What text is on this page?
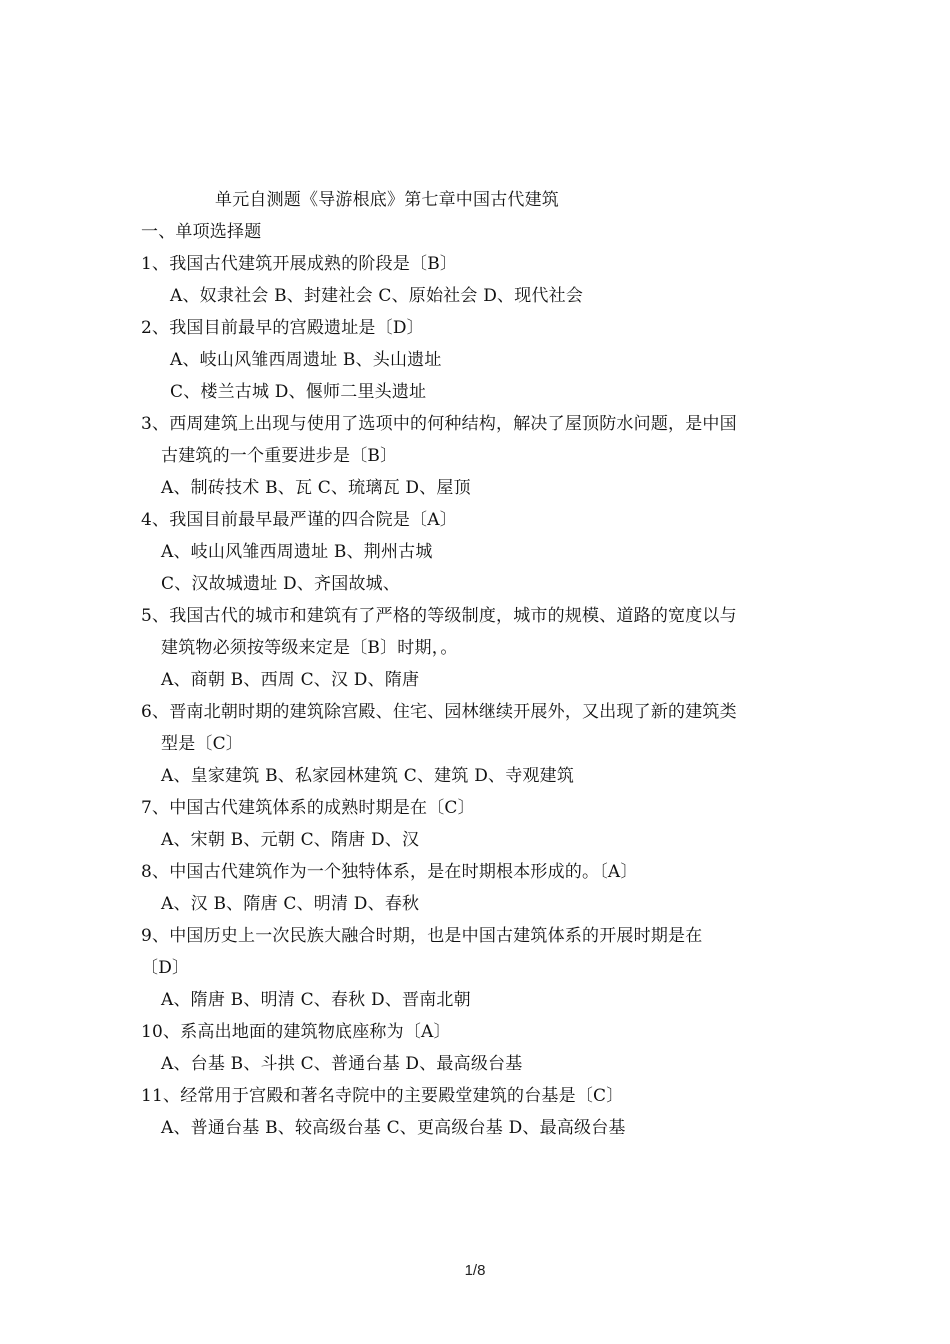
单元自测题《导游根底》第七章中国古代建筑
一、单项选择题
1、我国古代建筑开展成熟的阶段是〔B〕
A、奴隶社会 B、封建社会 C、原始社会 D、现代社会
2、我国目前最早的宫殿遗址是〔D〕
A、岐山风雏西周遗址 B、头山遗址
C、楼兰古城 D、偃师二里头遗址
3、西周建筑上出现与使用了选项中的何种结构，解决了屋顶防水问题，是中国
古建筑的一个重要进步是〔B〕
A、制砖技术 B、瓦 C、琉璃瓦 D、屋顶
4、我国目前最早最严谨的四合院是〔A〕
A、岐山风雏西周遗址 B、荆州古城
C、汉故城遗址 D、齐国故城、
5、我国古代的城市和建筑有了严格的等级制度，城市的规模、道路的宽度以与
建筑物必须按等级来定是〔B〕时期，。
A、商朝 B、西周 C、汉 D、隋唐
6、晋南北朝时期的建筑除宫殿、住宅、园林继续开展外，又出现了新的建筑类
型是〔C〕
A、皇家建筑 B、私家园林建筑 C、建筑 D、寺观建筑
7、中国古代建筑体系的成熟时期是在〔C〕
A、宋朝 B、元朝 C、隋唐 D、汉
8、中国古代建筑作为一个独特体系，是在时期根本形成的。〔A〕
A、汉 B、隋唐 C、明清 D、春秋
9、中国历史上一次民族大融合时期，也是中国古建筑体系的开展时期是在
〔D〕
A、隋唐 B、明清 C、春秋 D、晋南北朝
10、系高出地面的建筑物底座称为〔A〕
A、台基 B、斗拱 C、普通台基 D、最高级台基
11、经常用于宫殿和著名寺院中的主要殿堂建筑的台基是〔C〕
A、普通台基 B、较高级台基 C、更高级台基 D、最高级台基
1/8
